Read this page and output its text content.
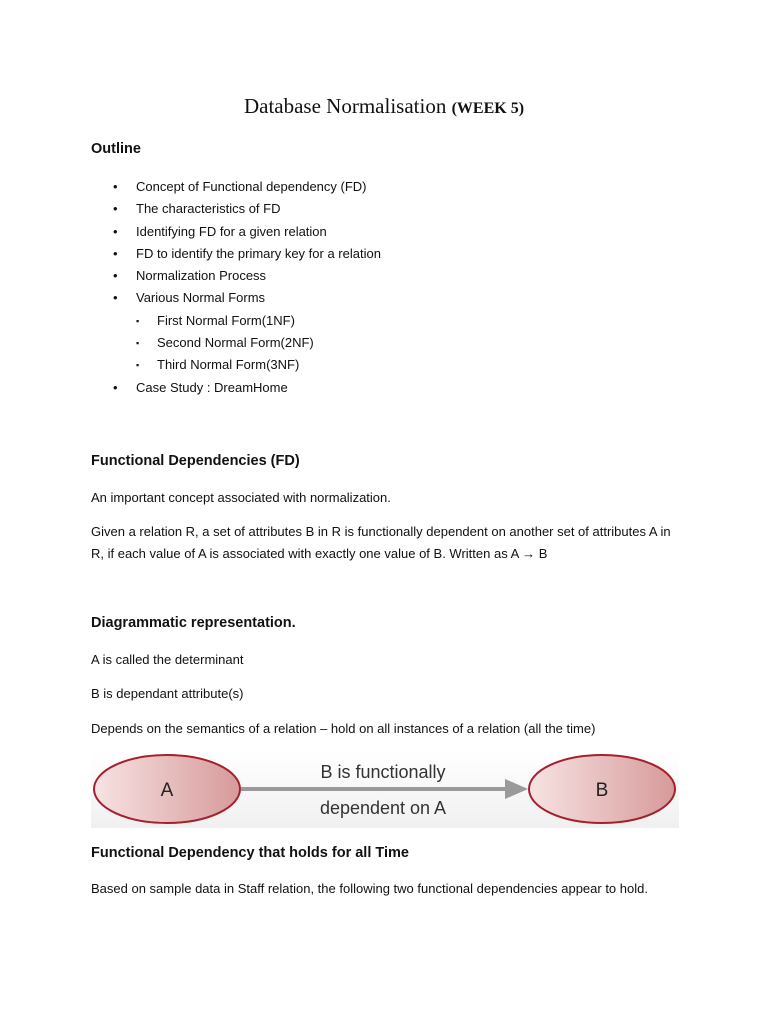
Database Normalisation (WEEK 5)
Outline
• Concept of Functional dependency (FD)
• The characteristics of FD
• Identifying FD for a given relation
• FD to identify the primary key for a relation
• Normalization Process
• Various Normal Forms
▪ First Normal Form(1NF)
▪ Second Normal Form(2NF)
▪ Third Normal Form(3NF)
• Case Study : DreamHome
Functional Dependencies (FD)
An important concept associated with normalization.
Given a relation R, a set of attributes B in R is functionally dependent on another set of attributes A in R, if each value of A is associated with exactly one value of B. Written as A → B
Diagrammatic representation.
A is called the determinant
B is dependant attribute(s)
Depends on the semantics of a relation – hold on all instances of a relation (all the time)
A	B
B is functionally
dependent on A
Functional Dependency that holds for all Time
Based on sample data in Staff relation, the following two functional dependencies appear to hold.
